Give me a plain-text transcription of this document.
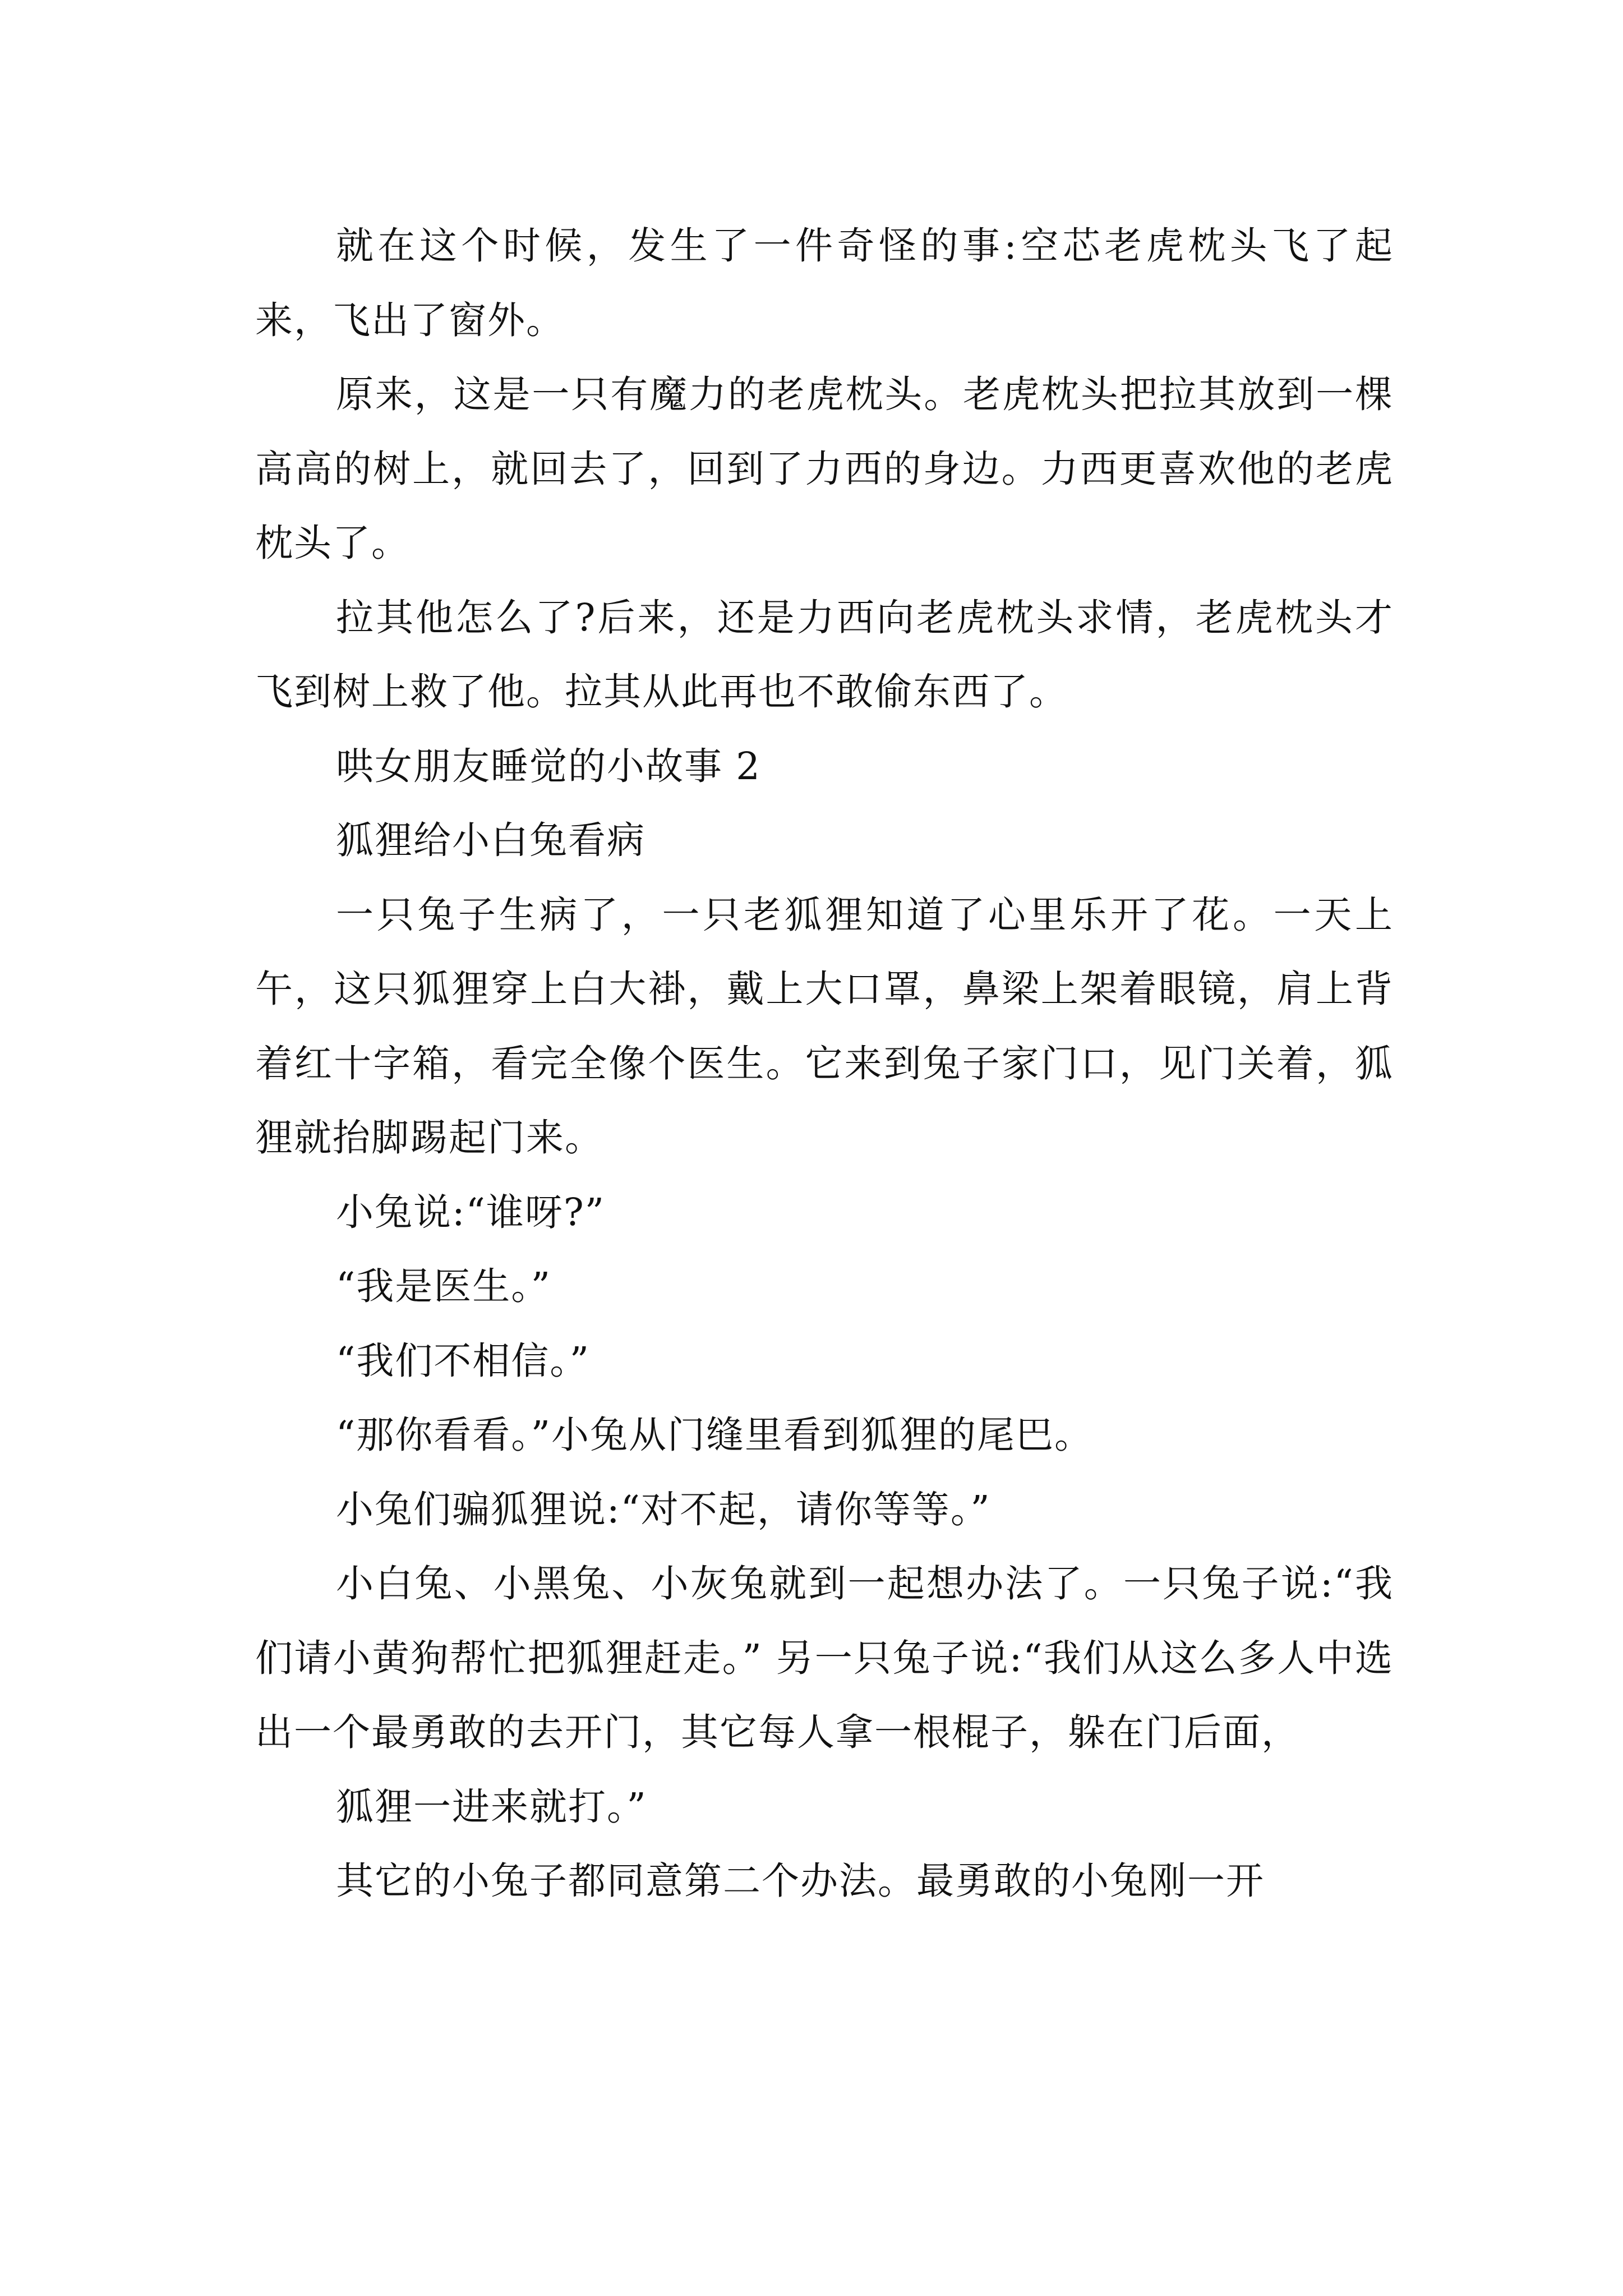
就在这个时候，发生了一件奇怪的事:空芯老虎枕头飞了起来，飞出了窗外。

原来，这是一只有魔力的老虎枕头。老虎枕头把拉其放到一棵高高的树上，就回去了，回到了力西的身边。力西更喜欢他的老虎枕头了。

拉其他怎么了?后来，还是力西向老虎枕头求情，老虎枕头才飞到树上救了他。拉其从此再也不敢偷东西了。

哄女朋友睡觉的小故事 2

狐狸给小白兔看病

一只兔子生病了，一只老狐狸知道了心里乐开了花。一天上午，这只狐狸穿上白大褂，戴上大口罩，鼻梁上架着眼镜，肩上背着红十字箱，看完全像个医生。它来到兔子家门口，见门关着，狐狸就抬脚踢起门来。

小兔说:“谁呀?”

“我是医生。”

“我们不相信。”

“那你看看。”小兔从门缝里看到狐狸的尾巴。

小兔们骗狐狸说:“对不起，请你等等。”

小白兔、小黑兔、小灰兔就到一起想办法了。一只兔子说:“我们请小黄狗帮忙把狐狸赶走。” 另一只兔子说:“我们从这么多人中选出一个最勇敢的去开门，其它每人拿一根棍子，躲在门后面，

狐狸一进来就打。”

其它的小兔子都同意第二个办法。最勇敢的小兔刚一开
